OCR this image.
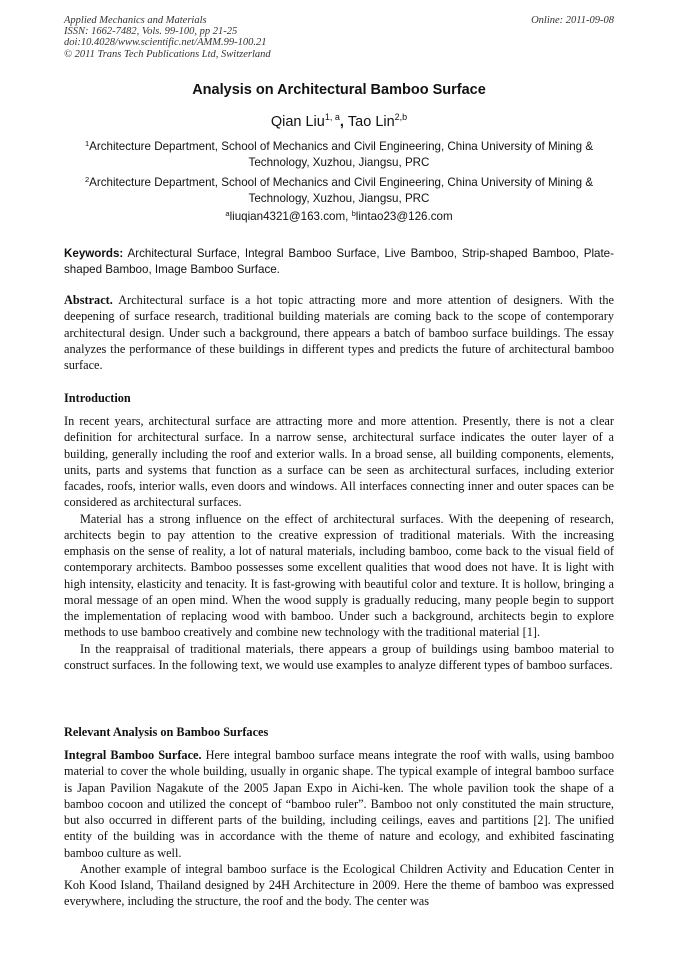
Applied Mechanics and Materials
ISSN: 1662-7482, Vols. 99-100, pp 21-25
doi:10.4028/www.scientific.net/AMM.99-100.21
© 2011 Trans Tech Publications Ltd, Switzerland
Online: 2011-09-08
Analysis on Architectural Bamboo Surface
Qian Liu$^{1, a}$, Tao Lin$^{2,b}$
$^1$Architecture Department, School of Mechanics and Civil Engineering, China University of Mining & Technology, Xuzhou, Jiangsu, PRC
$^2$Architecture Department, School of Mechanics and Civil Engineering, China University of Mining & Technology, Xuzhou, Jiangsu, PRC
$^a$liuqian4321@163.com, $^b$lintao23@126.com
Keywords: Architectural Surface, Integral Bamboo Surface, Live Bamboo, Strip-shaped Bamboo, Plate-shaped Bamboo, Image Bamboo Surface.

Abstract. Architectural surface is a hot topic attracting more and more attention of designers. With the deepening of surface research, traditional building materials are coming back to the scope of contemporary architectural design. Under such a background, there appears a batch of bamboo surface buildings. The essay analyzes the performance of these buildings in different types and predicts the future of architectural bamboo surface.

Introduction

In recent years, architectural surface are attracting more and more attention. Presently, there is not a clear definition for architectural surface. In a narrow sense, architectural surface indicates the outer layer of a building, generally including the roof and exterior walls. In a broad sense, all building components, elements, units, parts and systems that function as a surface can be seen as architectural surfaces, including exterior facades, roofs, interior walls, even doors and windows. All interfaces connecting inner and outer spaces can be considered as architectural surfaces.

Material has a strong influence on the effect of architectural surfaces. With the deepening of research, architects begin to pay attention to the creative expression of traditional materials. With the increasing emphasis on the sense of reality, a lot of natural materials, including bamboo, come back to the visual field of contemporary architects. Bamboo possesses some excellent qualities that wood does not have. It is light with high intensity, elasticity and tenacity. It is fast-growing with beautiful color and texture. It is hollow, bringing a moral message of an open mind. When the wood supply is gradually reducing, many people begin to support the implementation of replacing wood with bamboo. Under such a background, architects begin to explore methods to use bamboo creatively and combine new technology with the traditional material [1].

In the reappraisal of traditional materials, there appears a group of buildings using bamboo material to construct surfaces. In the following text, we would use examples to analyze different types of bamboo surfaces.

Relevant Analysis on Bamboo Surfaces

Integral Bamboo Surface. Here integral bamboo surface means integrate the roof with walls, using bamboo material to cover the whole building, usually in organic shape. The typical example of integral bamboo surface is Japan Pavilion Nagakute of the 2005 Japan Expo in Aichi-ken. The whole pavilion took the shape of a bamboo cocoon and utilized the concept of “bamboo ruler”. Bamboo not only constituted the main structure, but also occurred in different parts of the building, including ceilings, eaves and partitions [2]. The unified entity of the building was in accordance with the theme of nature and ecology, and exhibited fascinating bamboo culture as well.

Another example of integral bamboo surface is the Ecological Children Activity and Education Center in Koh Kood Island, Thailand designed by 24H Architecture in 2009. Here the theme of bamboo was expressed everywhere, including the structure, the roof and the body. The center was
